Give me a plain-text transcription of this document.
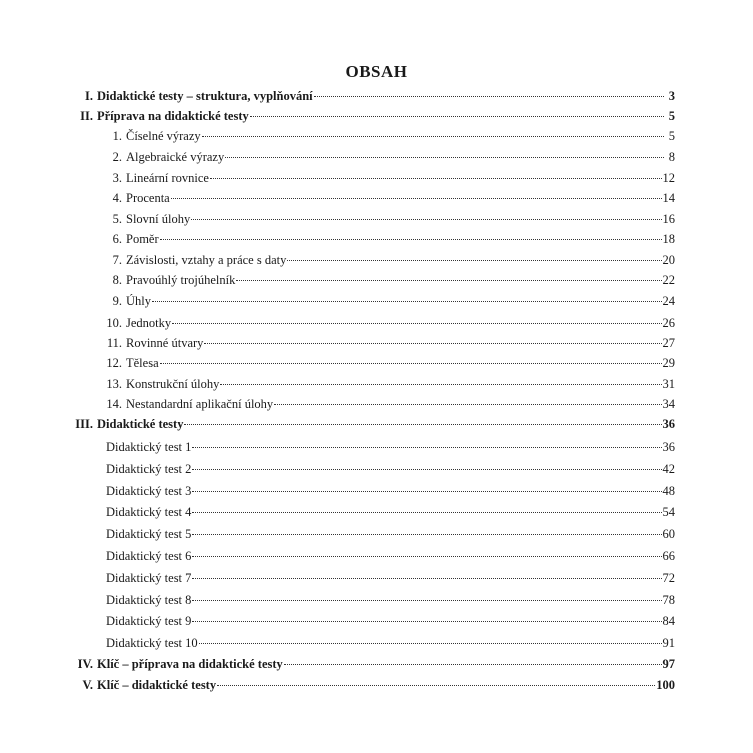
OBSAH
I. Didaktické testy – struktura, vyplňování	3
II. Příprava na didaktické testy	5
1. Číselné výrazy	5
2. Algebraické výrazy	8
3. Lineární rovnice	12
4. Procenta	14
5. Slovní úlohy	16
6. Poměr	18
7. Závislosti, vztahy a práce s daty	20
8. Pravoúhlý trojúhelník	22
9. Úhly	24
10. Jednotky	26
11. Rovinné útvary	27
12. Tělesa	29
13. Konstrukční úlohy	31
14. Nestandardní aplikační úlohy	34
III. Didaktické testy	36
Didaktický test 1	36
Didaktický test 2	42
Didaktický test 3	48
Didaktický test 4	54
Didaktický test 5	60
Didaktický test 6	66
Didaktický test 7	72
Didaktický test 8	78
Didaktický test 9	84
Didaktický test 10	91
IV. Klíč – příprava na didaktické testy	97
V. Klíč – didaktické testy	100
